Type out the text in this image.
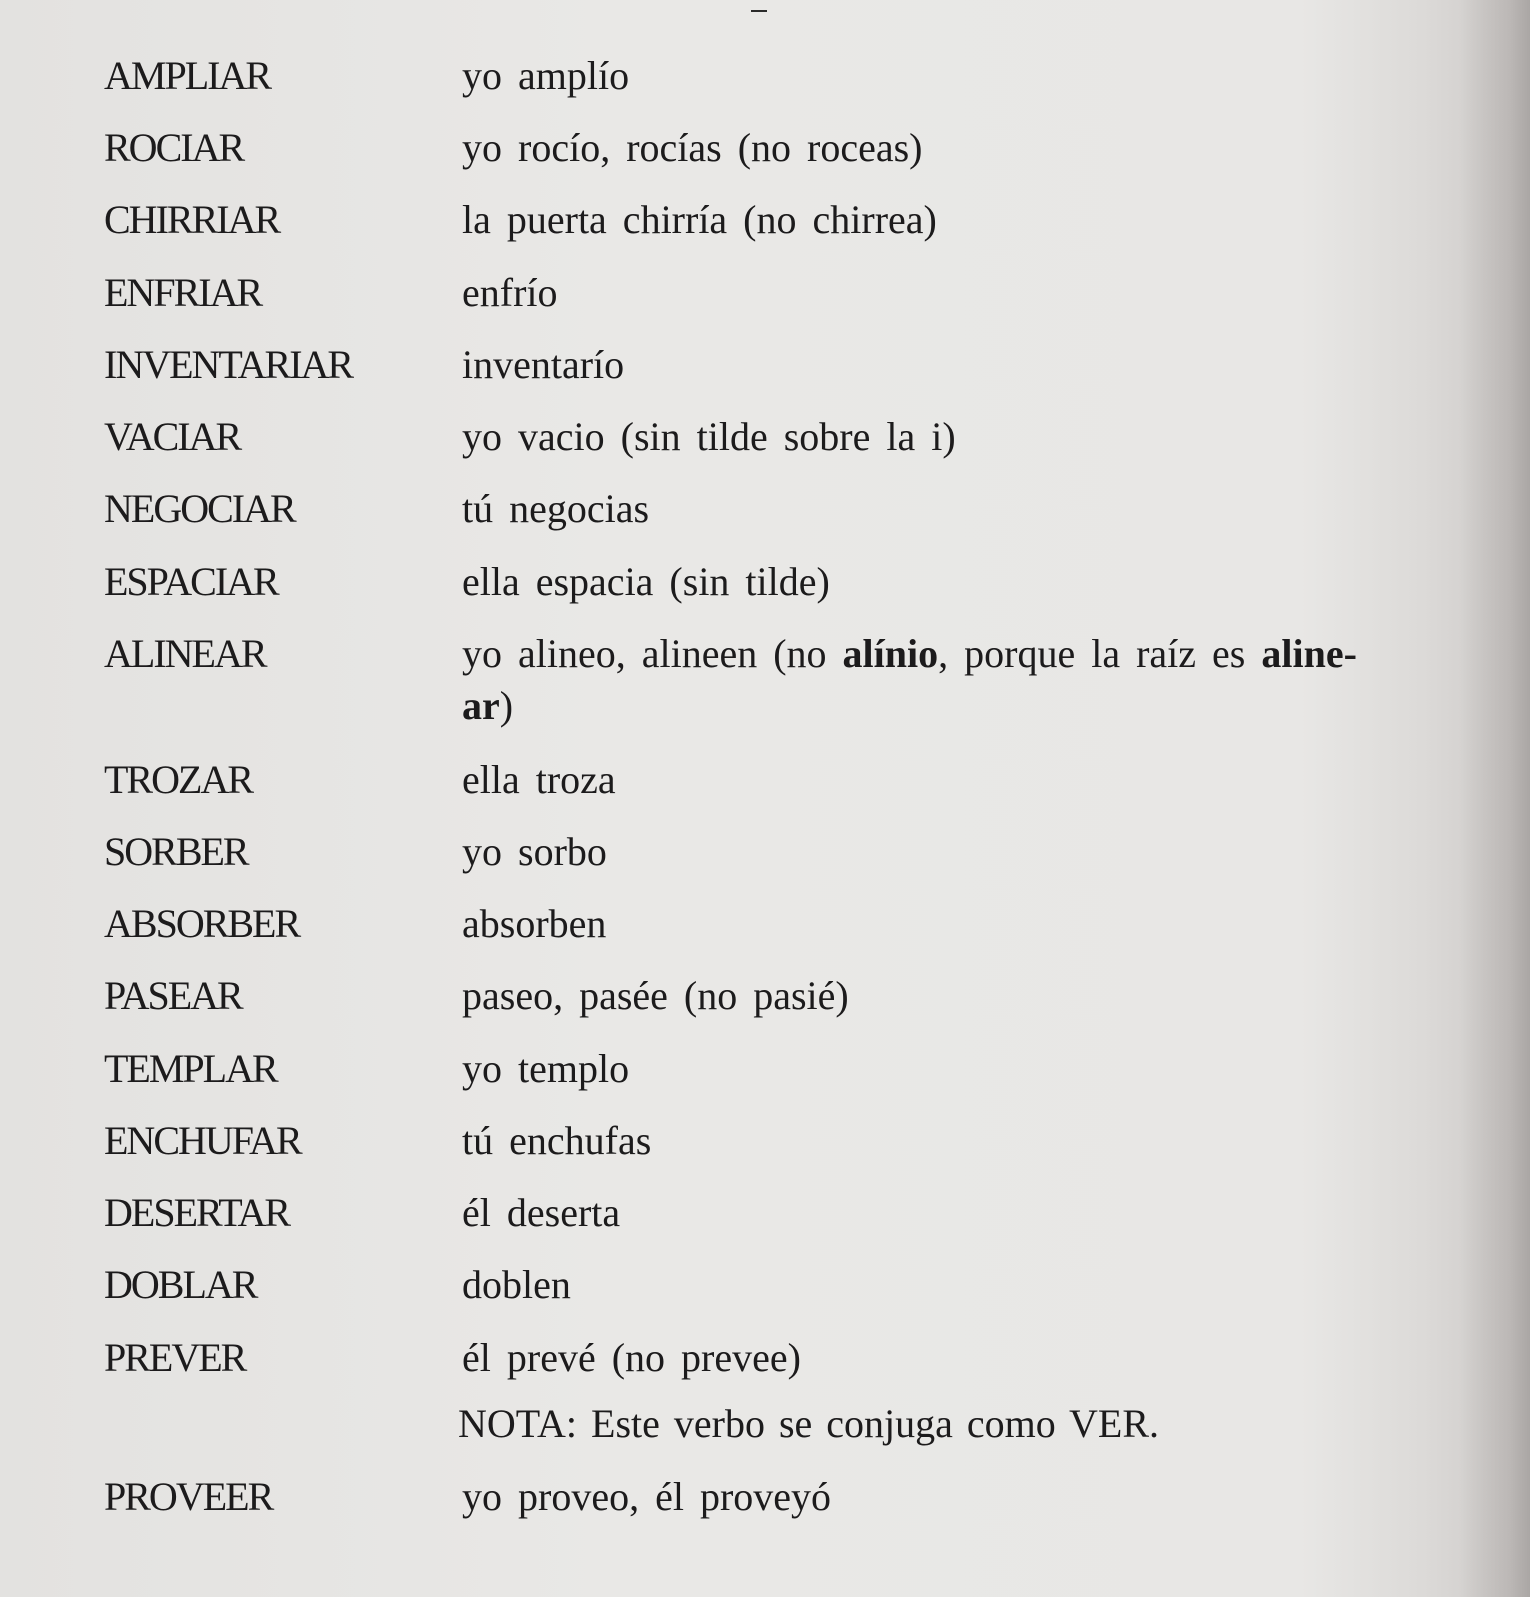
AMPLIAR	yo amplío
ROCIAR	yo rocío, rocías (no roceas)
CHIRRIAR	la puerta chirría (no chirrea)
ENFRIAR	enfrío
INVENTARIAR	inventarío
VACIAR	yo vacio (sin tilde sobre la i)
NEGOCIAR	tú negocias
ESPACIAR	ella espacia (sin tilde)
ALINEAR	yo alineo, alineen (no alínio, porque la raíz es aline-
ar)
TROZAR	ella troza
SORBER	yo sorbo
ABSORBER	absorben
PASEAR	paseo, pasée (no pasié)
TEMPLAR	yo templo
ENCHUFAR	tú enchufas
DESERTAR	él deserta
DOBLAR	doblen
PREVER	él prevé (no prevee)
NOTA: Este verbo se conjuga como VER.
PROVEER	yo proveo, él proveyó
